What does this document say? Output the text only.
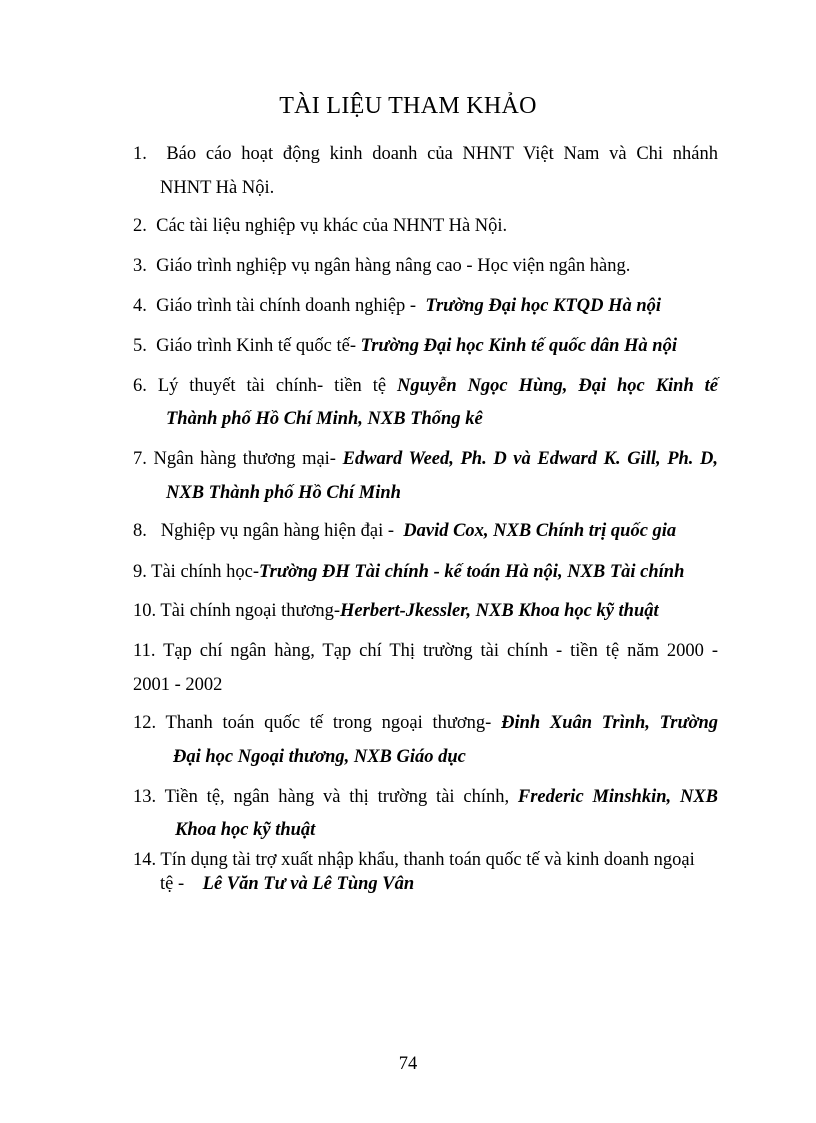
TÀI LIỆU THAM KHẢO
1. Báo cáo hoạt động kinh doanh của NHNT Việt Nam và Chi nhánh
NHNT Hà Nội.
2. Các tài liệu nghiệp vụ khác của NHNT Hà Nội.
3. Giáo trình nghiệp vụ ngân hàng nâng cao - Học viện ngân hàng.
4. Giáo trình tài chính doanh nghiệp - Trường Đại học KTQD Hà nội
5. Giáo trình Kinh tế quốc tế- Trường Đại học Kinh tế quốc dân Hà nội
6. Lý thuyết tài chính- tiền tệ Nguyễn Ngọc Hùng, Đại học Kinh tế
Thành phố Hồ Chí Minh, NXB Thống kê
7. Ngân hàng thương mại- Edward Weed, Ph. D và Edward K. Gill, Ph. D,
NXB Thành phố Hồ Chí Minh
8. Nghiệp vụ ngân hàng hiện đại - David Cox, NXB Chính trị quốc gia
9. Tài chính học-Trường ĐH Tài chính - kế toán Hà nội, NXB Tài chính
10. Tài chính ngoại thương-Herbert-Jkessler, NXB Khoa học kỹ thuật
11. Tạp chí ngân hàng, Tạp chí Thị trường tài chính - tiền tệ năm 2000 -
2001 - 2002
12. Thanh toán quốc tế trong ngoại thương- Đinh Xuân Trình, Trường
Đại học Ngoại thương, NXB Giáo dục
13. Tiền tệ, ngân hàng và thị trường tài chính, Frederic Minshkin, NXB
Khoa học kỹ thuật
14. Tín dụng tài trợ xuất nhập khẩu, thanh toán quốc tế và kinh doanh ngoại
tệ - Lê Văn Tư và Lê Tùng Vân
74
